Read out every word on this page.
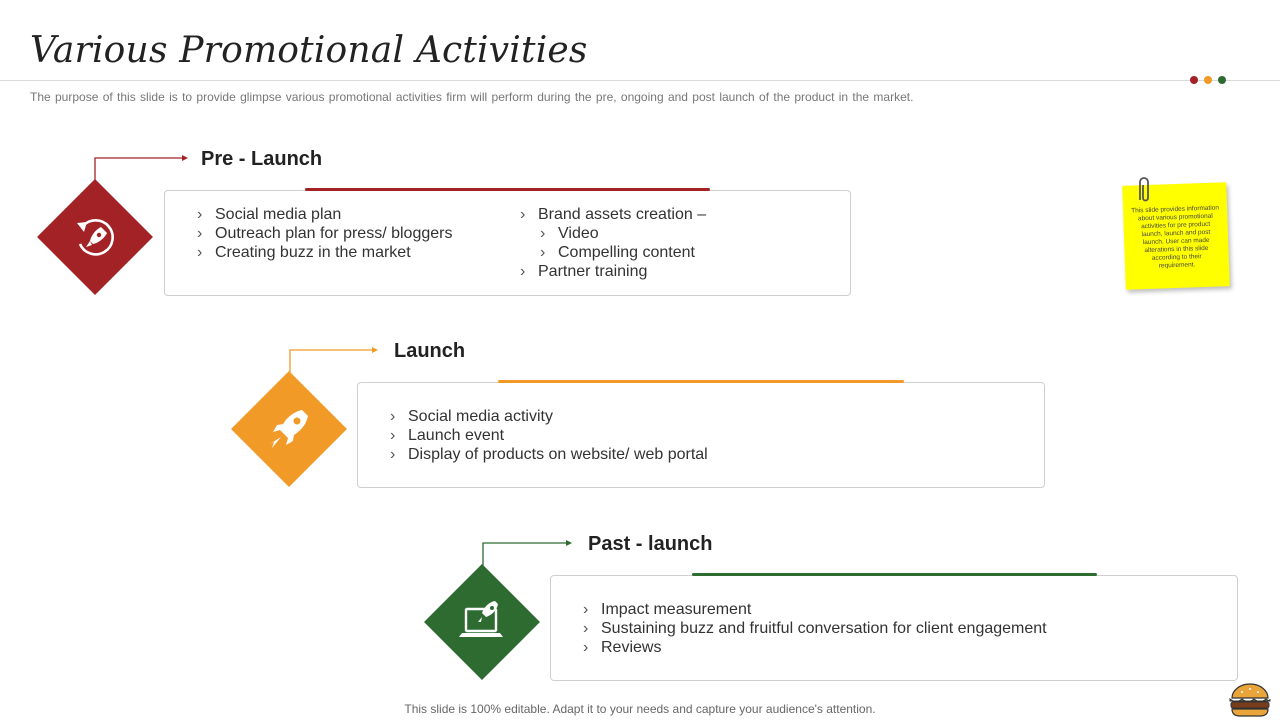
Various Promotional Activities
The purpose of this slide is to provide glimpse various promotional activities firm will perform during the pre, ongoing and post launch of the product in the market.
Pre - Launch
› Social media plan
› Outreach plan for press/ bloggers
› Creating buzz in the market
› Brand assets creation –
› Video
› Compelling content
› Partner training
Launch
› Social media activity
› Launch event
› Display of products on website/ web portal
Past - launch
› Impact measurement
› Sustaining buzz and fruitful conversation for client engagement
› Reviews
This slide provides information about various promotional activities for pre product launch, launch and post launch. User can made alterations in this slide according to their requirement.
This slide is 100% editable. Adapt it to your needs and capture your audience's attention.
